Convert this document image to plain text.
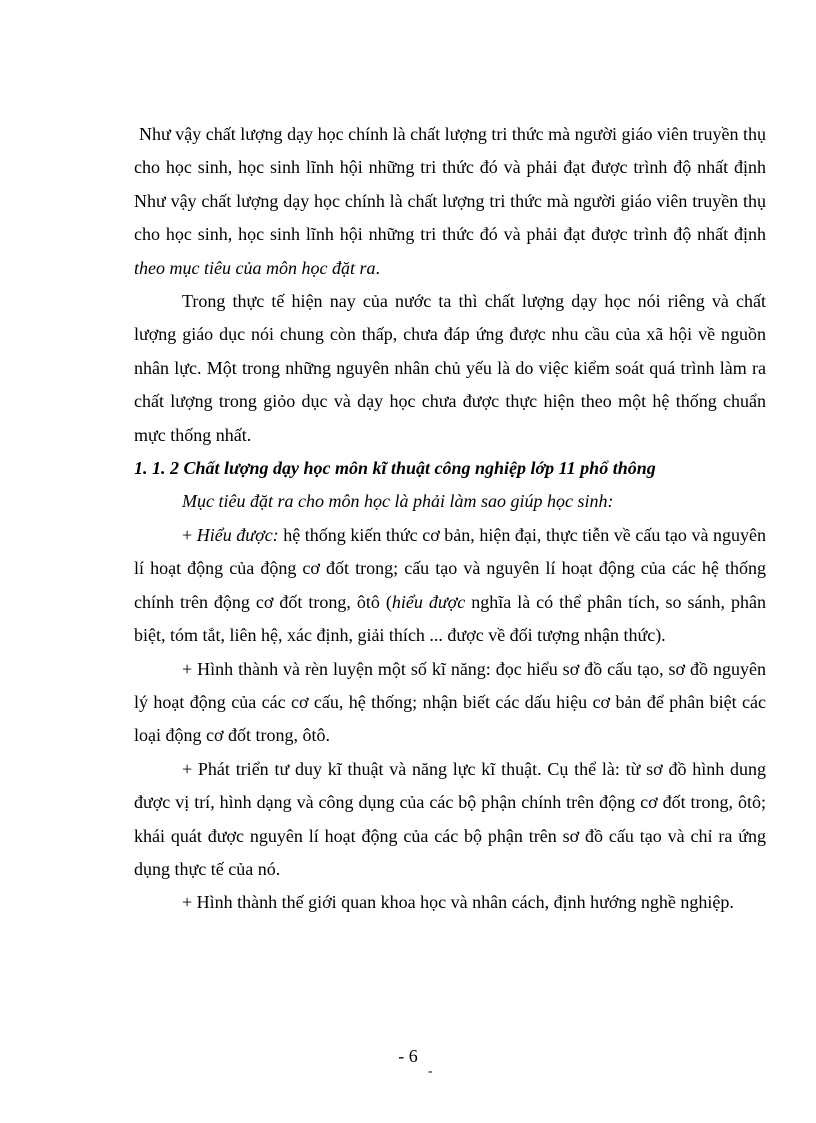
Như vậy chất lượng dạy học chính là chất lượng tri thức mà người giáo viên truyền thụ cho học sinh, học sinh lĩnh hội những tri thức đó và phải đạt được trình độ nhất định Như vậy chất lượng dạy học chính là chất lượng tri thức mà người giáo viên truyền thụ cho học sinh, học sinh lĩnh hội những tri thức đó và phải đạt được trình độ nhất định theo mục tiêu của môn học đặt ra.

Trong thực tế hiện nay của nước ta thì chất lượng dạy học nói riêng và chất lượng giáo dục nói chung còn thấp, chưa đáp ứng được nhu cầu của xã hội về nguồn nhân lực. Một trong những nguyên nhân chủ yếu là do việc kiểm soát quá trình làm ra chất lượng trong giỏo dục và dạy học chưa được thực hiện theo một hệ thống chuẩn mực thống nhất.

1. 1. 2 Chất lượng dạy học môn kĩ thuật công nghiệp lớp 11 phổ thông

Mục tiêu đặt ra cho môn học là phải làm sao giúp học sinh:

+ Hiểu được: hệ thống kiến thức cơ bản, hiện đại, thực tiễn về cấu tạo và nguyên lí hoạt động của động cơ đốt trong; cấu tạo và nguyên lí hoạt động của các hệ thống chính trên động cơ đốt trong, ôtô (hiểu được nghĩa là có thể phân tích, so sánh, phân biệt, tóm tắt, liên hệ, xác định, giải thích ... được về đối tượng nhận thức).

+ Hình thành và rèn luyện một số kĩ năng: đọc hiểu sơ đồ cấu tạo, sơ đồ nguyên lý hoạt động của các cơ cấu, hệ thống; nhận biết các dấu hiệu cơ bản để phân biệt các loại động cơ đốt trong, ôtô.

+ Phát triển tư duy kĩ thuật và năng lực kĩ thuật. Cụ thể là: từ sơ đồ hình dung được vị trí, hình dạng và công dụng của các bộ phận chính trên động cơ đốt trong, ôtô; khái quát được nguyên lí hoạt động của các bộ phận trên sơ đồ cấu tạo và chỉ ra ứng dụng thực tế của nó.

+ Hình thành thế giới quan khoa học và nhân cách, định hướng nghề nghiệp.

- 6
-
